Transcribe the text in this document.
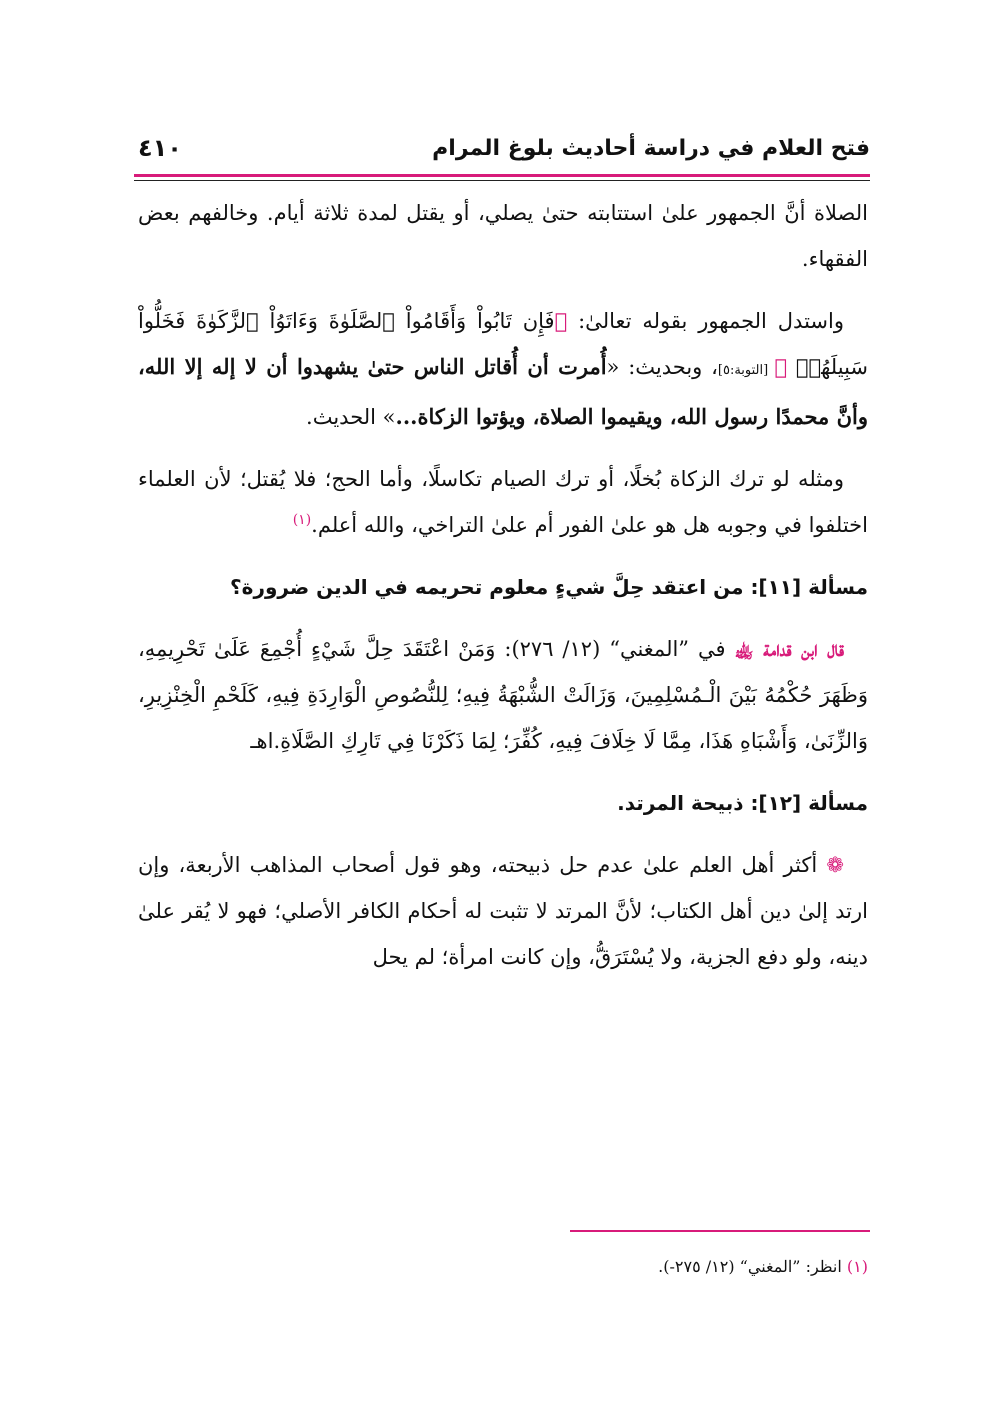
فتح العلام في دراسة أحاديث بلوغ المرام
٤١٠

الصلاة أنَّ الجمهور علىٰ استتابته حتىٰ يصلي، أو يقتل لمدة ثلاثة أيام. وخالفهم بعض الفقهاء.

واستدل الجمهور بقوله تعالىٰ: ﴿فَإِن تَابُواْ وَأَقَامُواْ ٱلصَّلَوٰةَ وَءَاتَوُاْ ٱلزَّكَوٰةَ فَخَلُّواْ سَبِيلَهُمۡ ﴾ [التوبة:٥]، وبحديث: «أُمرت أن أُقاتل الناس حتىٰ يشهدوا أن لا إله إلا الله، وأنَّ محمدًا رسول الله، ويقيموا الصلاة، ويؤتوا الزكاة...» الحديث.

ومثله لو ترك الزكاة بُخلًا، أو ترك الصيام تكاسلًا، وأما الحج؛ فلا يُقتل؛ لأن العلماء اختلفوا في وجوبه هل هو علىٰ الفور أم علىٰ التراخي، والله أعلم.$^{(١)}$

مسألة [١١]: من اعتقد حِلَّ شيءٍ معلوم تحريمه في الدين ضرورة؟

قال ابن قدامة ﵀ في ”المغني“ (١٢/ ٢٧٦): وَمَنْ اعْتَقَدَ حِلَّ شَيْءٍ أُجْمِعَ عَلَىٰ تَحْرِيمِهِ، وَظَهَرَ حُكْمُهُ بَيْنَ الْـمُسْلِمِينَ، وَزَالَتْ الشُّبْهَةُ فِيهِ؛ لِلنُّصُوصِ الْوَارِدَةِ فِيهِ، كَلَحْمِ الْخِنْزِيرِ، وَالزِّنَىٰ، وَأَشْبَاهِ هَذَا، مِمَّا لَا خِلَافَ فِيهِ، كُفِّرَ؛ لِمَا ذَكَرْنَا فِي تَارِكِ الصَّلَاةِ.اهـ

مسألة [١٢]: ذبيحة المرتد.

❁ أكثر أهل العلم علىٰ عدم حل ذبيحته، وهو قول أصحاب المذاهب الأربعة، وإن ارتد إلىٰ دين أهل الكتاب؛ لأنَّ المرتد لا تثبت له أحكام الكافر الأصلي؛ فهو لا يُقر علىٰ دينه، ولو دفع الجزية، ولا يُسْتَرَقُّ، وإن كانت امرأة؛ لم يحل

(١) انظر: ”المغني“ (١٢/ ٢٧٥-).
